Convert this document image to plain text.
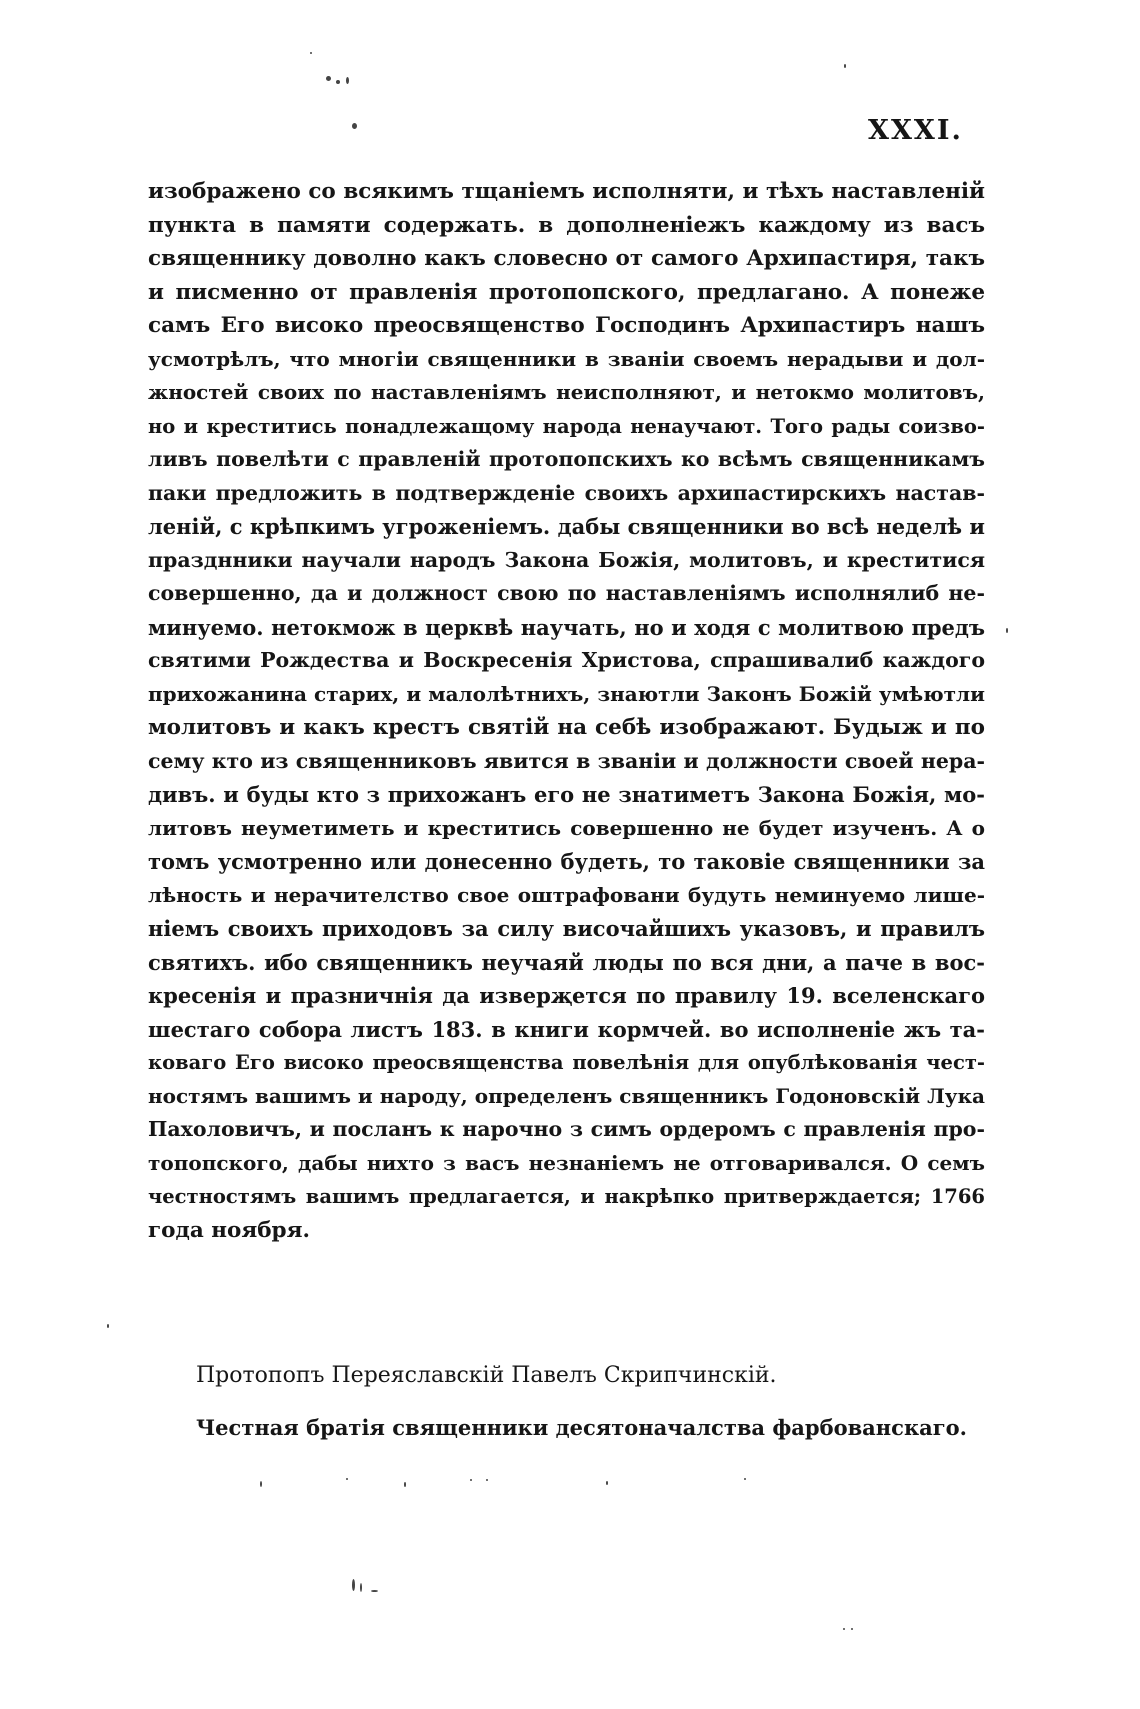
XXXI.

изображено со всякимъ тщаніемъ исполняти, и тѣхъ наставленій
пункта в памяти содержать. в дополненіежъ каждому из васъ
священнику доволно какъ словесно от самого Архипастиря, такъ
и писменно от правленія протопопского, предлагано. А понеже
самъ Его високо преосвященство Господинъ Архипастиръ нашъ
усмотрѣлъ, что многіи священники в званіи своемъ нерадыви и дол-
жностей своих по наставленіямъ неисполняют, и нетокмо молитовъ,
но и креститись понадлежащому народа ненаучают. Того рады соизво-
ливъ повелѣти с правленій протопопскихъ ко всѣмъ священникамъ
паки предложить в подтвержденіе своихъ архипастирскихъ настав-
леній, с крѣпкимъ угроженіемъ. дабы священники во всѣ неделѣ и
празднники научали народъ Закона Божія, молитовъ, и креститися
совершенно, да и должност свою по наставленіямъ исполнялиб не-
минуемо. нетокмож в церквѣ научать, но и ходя с молитвою предъ
святими Рождества и Воскресенія Христова, спрашивалиб каждого
прихожанина старих, и малолѣтнихъ, знаютли Законъ Божій умѣютли
молитовъ и какъ крестъ святій на себѣ изображают. Будыж и по
сему кто из священниковъ явится в званіи и должности своей нера-
дивъ. и буды кто з прихожанъ его не знатиметъ Закона Божія, мо-
литовъ неуметиметь и креститись совершенно не будет изученъ. А о
томъ усмотренно или донесенно будеть, то таковіе священники за
лѣность и нерачителство свое оштрафовани будуть неминуемо лише-
ніемъ своихъ приходовъ за силу височайшихъ указовъ, и правилъ
святихъ. ибо священникъ неучаяй люды по вся дни, а паче в вос-
кресенія и празничнія да изверҗется по правилу 19. вселенскаго
шестаго собора листъ 183. в книги кормчей. во исполненіе жъ та-
коваго Его високо преосвященства повелѣнія для опублѣкованія чест-
ностямъ вашимъ и народу, определенъ священникъ Годоновскій Лука
Пахоловичъ, и посланъ к нарочно з симъ ордеромъ с правленія про-
топопского, дабы нихто з васъ незнаніемъ не отговаривался. О семъ
честностямъ вашимъ предлагается, и накрѣпко притверждается; 1766
года ноября.

Протопопъ Переяславскій Павелъ Скрипчинскій.

Честная братія священники десятоначалства фарбованскаго.
